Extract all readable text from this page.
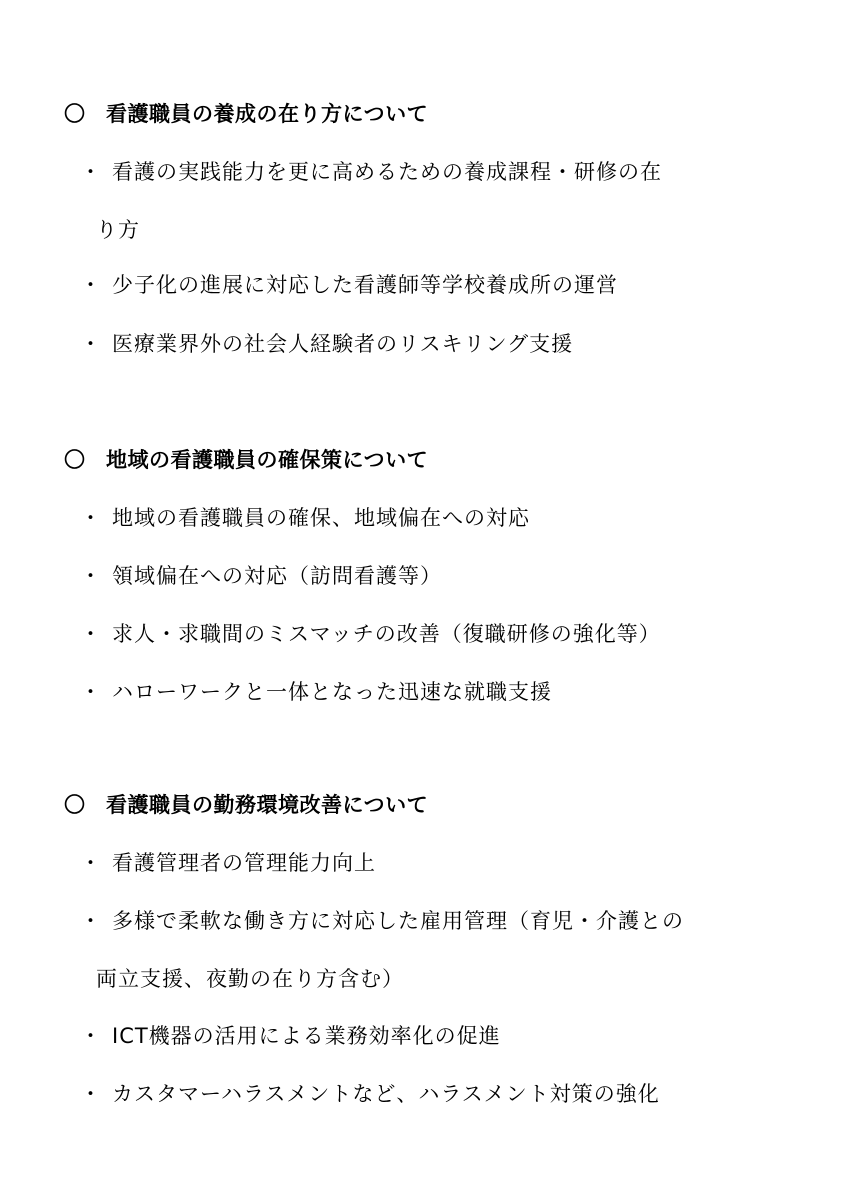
〇 看護職員の養成の在り方について
・ 看護の実践能力を更に高めるための養成課程・研修の在
り方
・ 少子化の進展に対応した看護師等学校養成所の運営
・ 医療業界外の社会人経験者のリスキリング支援
〇 地域の看護職員の確保策について
・ 地域の看護職員の確保、地域偏在への対応
・ 領域偏在への対応（訪問看護等）
・ 求人・求職間のミスマッチの改善（復職研修の強化等）
・ ハローワークと一体となった迅速な就職支援
〇 看護職員の勤務環境改善について
・ 看護管理者の管理能力向上
・ 多様で柔軟な働き方に対応した雇用管理（育児・介護との
両立支援、夜勤の在り方含む）
・ ICT機器の活用による業務効率化の促進
・ カスタマーハラスメントなど、ハラスメント対策の強化
